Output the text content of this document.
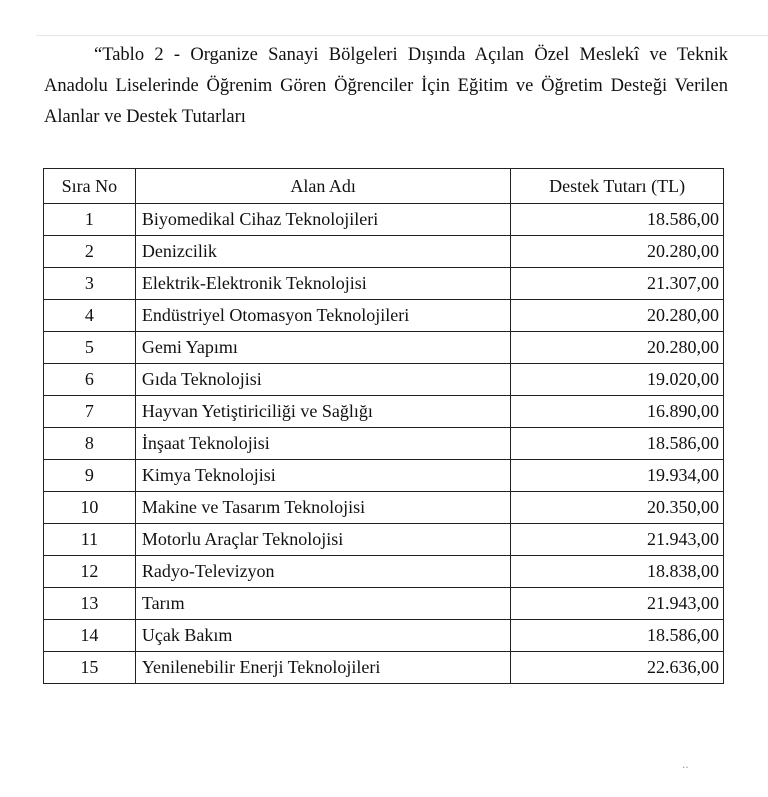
“Tablo 2 - Organize Sanayi Bölgeleri Dışında Açılan Özel Meslekî ve Teknik Anadolu Liselerinde Öğrenim Gören Öğrenciler İçin Eğitim ve Öğretim Desteği Verilen Alanlar ve Destek Tutarları

Sıra No	Alan Adı	Destek Tutarı (TL)
1	Biyomedikal Cihaz Teknolojileri	18.586,00
2	Denizcilik	20.280,00
3	Elektrik-Elektronik Teknolojisi	21.307,00
4	Endüstriyel Otomasyon Teknolojileri	20.280,00
5	Gemi Yapımı	20.280,00
6	Gıda Teknolojisi	19.020,00
7	Hayvan Yetiştiriciliği ve Sağlığı	16.890,00
8	İnşaat Teknolojisi	18.586,00
9	Kimya Teknolojisi	19.934,00
10	Makine ve Tasarım Teknolojisi	20.350,00
11	Motorlu Araçlar Teknolojisi	21.943,00
12	Radyo-Televizyon	18.838,00
13	Tarım	21.943,00
14	Uçak Bakım	18.586,00
15	Yenilenebilir Enerji Teknolojileri	22.636,00
‥
